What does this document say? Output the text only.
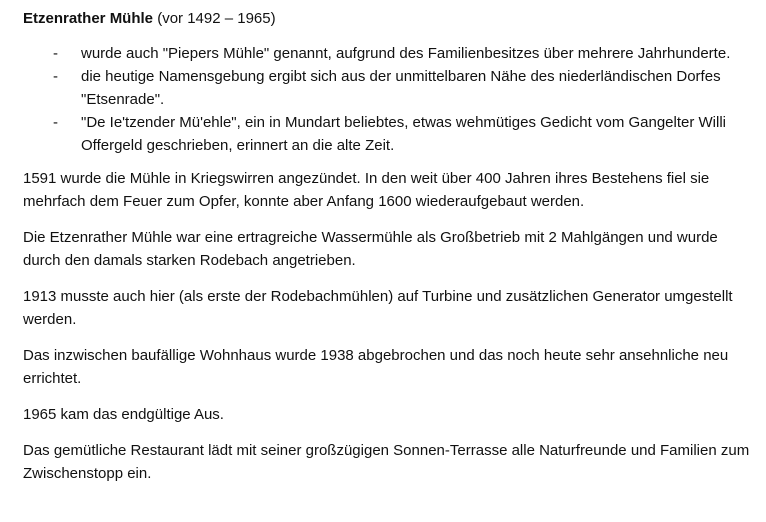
Etzenrather Mühle (vor 1492 – 1965)
- wurde auch "Piepers Mühle" genannt, aufgrund des Familienbesitzes über mehrere Jahrhunderte.
- die heutige Namensgebung ergibt sich aus der unmittelbaren Nähe des niederländischen Dorfes "Etsenrade".
- "De Ie'tzender Mü'ehle", ein in Mundart beliebtes, etwas wehmütiges Gedicht vom Gangelter Willi Offergeld geschrieben, erinnert an die alte Zeit.

1591 wurde die Mühle in Kriegswirren angezündet. In den weit über 400 Jahren ihres Bestehens fiel sie mehrfach dem Feuer zum Opfer, konnte aber Anfang 1600 wiederaufgebaut werden.

Die Etzenrather Mühle war eine ertragreiche Wassermühle als Großbetrieb mit 2 Mahlgängen und wurde durch den damals starken Rodebach angetrieben.

1913 musste auch hier (als erste der Rodebachmühlen) auf Turbine und zusätzlichen Generator umgestellt werden.

Das inzwischen baufällige Wohnhaus wurde 1938 abgebrochen und das noch heute sehr ansehnliche neu errichtet.

1965 kam das endgültige Aus.

Das gemütliche Restaurant lädt mit seiner großzügigen Sonnen-Terrasse alle Naturfreunde und Familien zum Zwischenstopp ein.
